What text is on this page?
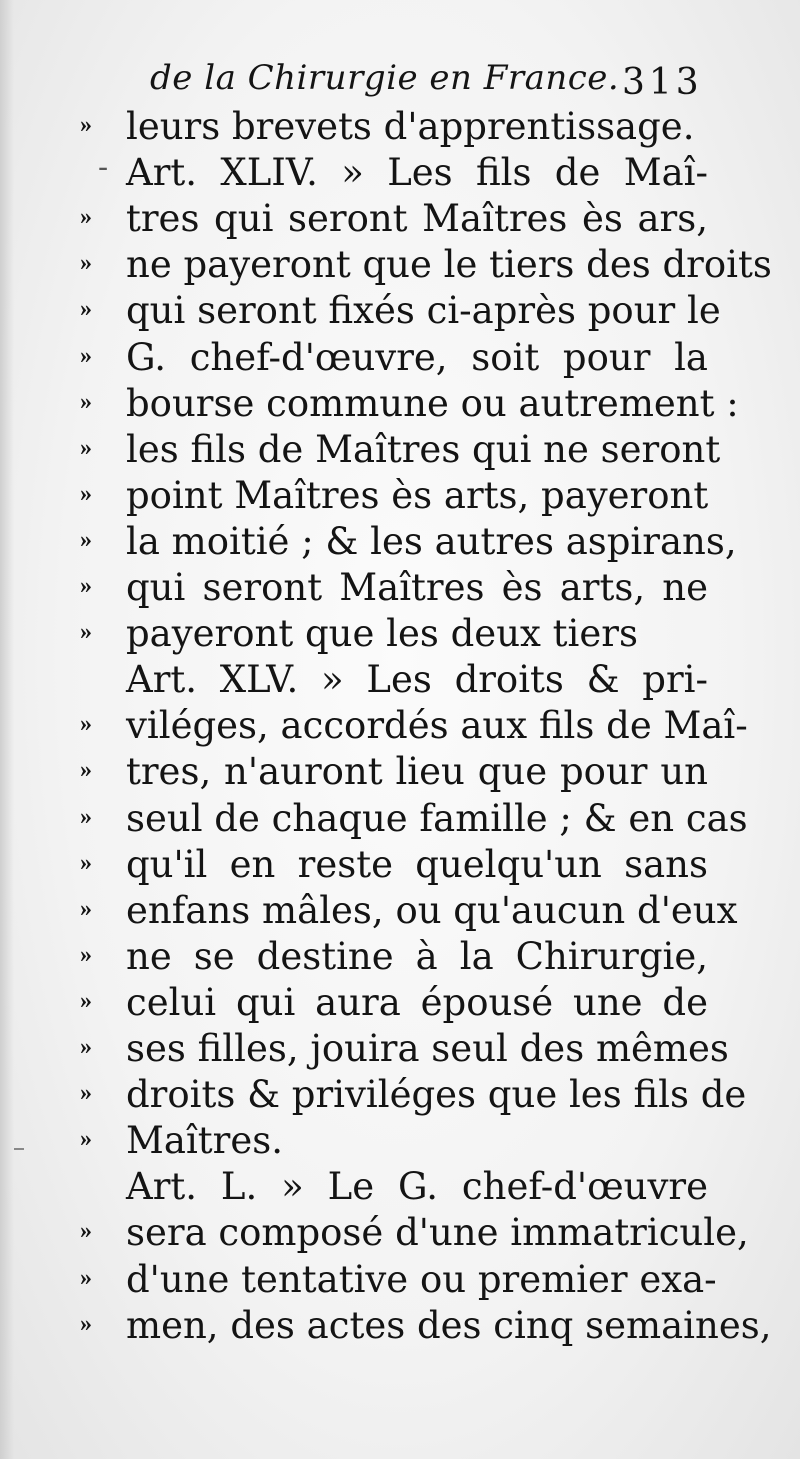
de la Chirurgie en France. 313
» leurs brevets d'apprentissage.
- Art. XLIV. » Les fils de Maî-
» tres qui seront Maîtres ès ars,
» ne payeront que le tiers des droits
» qui seront fixés ci-après pour le
» G. chef-d'œuvre, soit pour la
» bourse commune ou autrement :
» les fils de Maîtres qui ne seront
» point Maîtres ès arts, payeront
» la moitié ; & les autres aspirans,
» qui seront Maîtres ès arts, ne
» payeront que les deux tiers
Art. XLV. » Les droits & pri-
» viléges, accordés aux fils de Maî-
» tres, n'auront lieu que pour un
» seul de chaque famille ; & en cas
» qu'il en reste quelqu'un sans
» enfans mâles, ou qu'aucun d'eux
» ne se destine à la Chirurgie,
» celui qui aura épousé une de
» ses filles, jouira seul des mêmes
» droits & priviléges que les fils de
» Maîtres.
Art. L. » Le G. chef-d'œuvre
» sera composé d'une immatricule,
» d'une tentative ou premier exa-
» men, des actes des cinq semaines,
